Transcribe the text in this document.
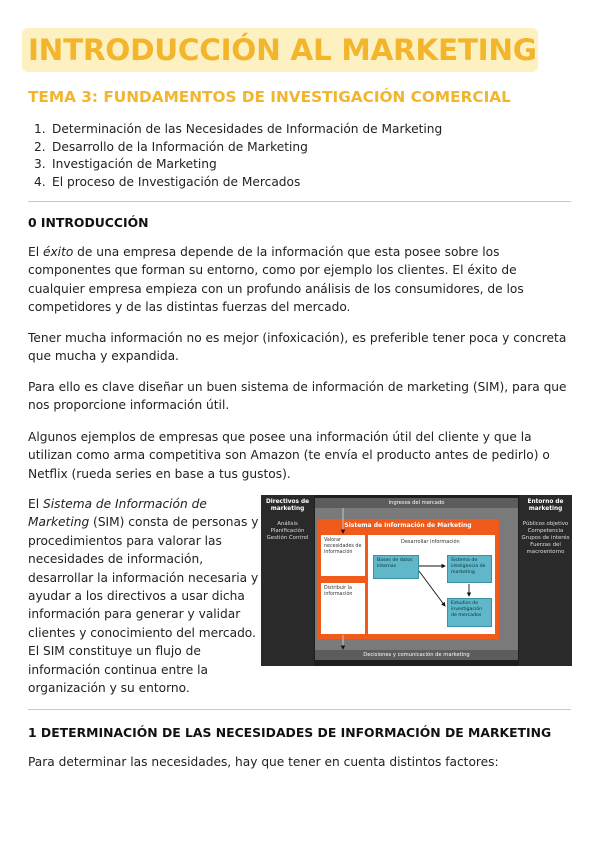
INTRODUCCIÓN AL MARKETING
TEMA 3: FUNDAMENTOS DE INVESTIGACIÓN COMERCIAL
1. Determinación de las Necesidades de Información de Marketing
2. Desarrollo de la Información de Marketing
3. Investigación de Marketing
4. El proceso de Investigación de Mercados
0 INTRODUCCIÓN

El éxito de una empresa depende de la información que esta posee sobre los componentes que forman su entorno, como por ejemplo los clientes. El éxito de cualquier empresa empieza con un profundo análisis de los consumidores, de los competidores y de las distintas fuerzas del mercado.

Tener mucha información no es mejor (infoxicación), es preferible tener poca y concreta que mucha y expandida.

Para ello es clave diseñar un buen sistema de información de marketing (SIM), para que nos proporcione información útil.

Algunos ejemplos de empresas que posee una información útil del cliente y que la utilizan como arma competitiva son Amazon (te envía el producto antes de pedirlo) o Netflix (rueda series en base a tus gustos).

El Sistema de Información de Marketing (SIM) consta de personas y procedimientos para valorar las necesidades de información, desarrollar la información necesaria y ayudar a los directivos a usar dicha información para generar y validar clientes y conocimiento del mercado. El SIM constituye un flujo de información continua entre la organización y su entorno.

Directivos de marketing
Análisis Planificación Gestión Control
Entorno de marketing
Públicos objetivo Competencia Grupos de interés Fuerzas del macroentorno
Ingresos del mercado
Decisiones y comunicación de marketing
Sistema de Información de Marketing
Valorar necesidades de información
Distribuir la información
Desarrollar información
Bases de datos internas
Sistema de inteligencia de marketing
Estudios de investigación de mercados
1 DETERMINACIÓN DE LAS NECESIDADES DE INFORMACIÓN DE MARKETING

Para determinar las necesidades, hay que tener en cuenta distintos factores:
